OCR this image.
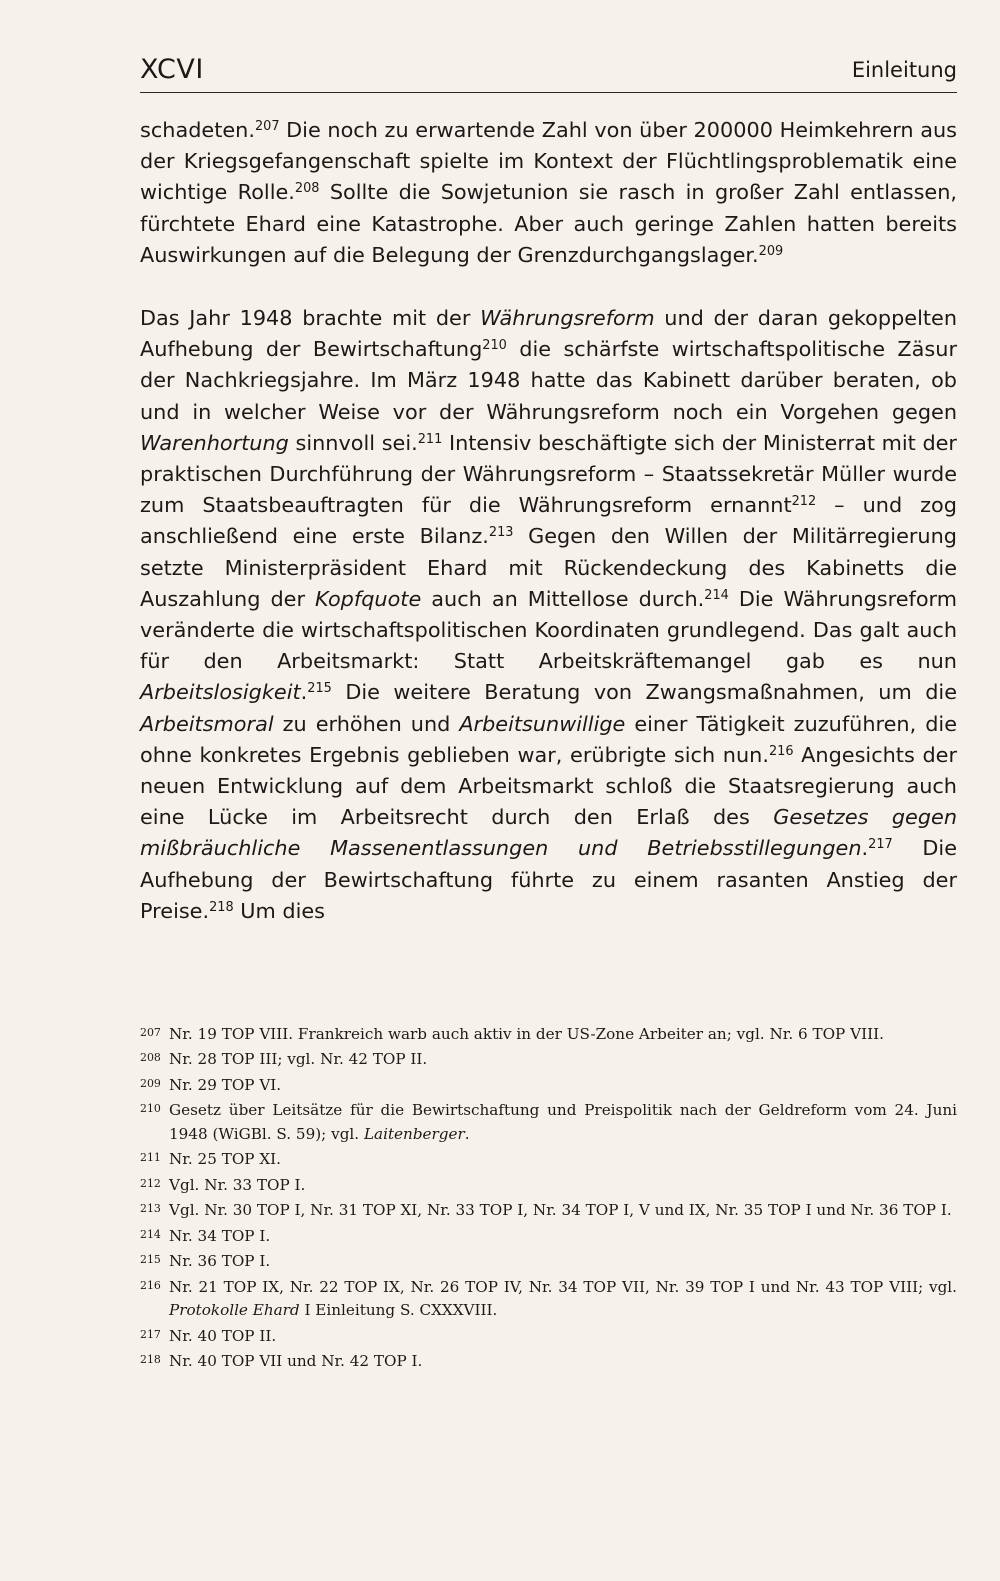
XCVI	Einleitung

schadeten.$^{207}$ Die noch zu erwartende Zahl von über 200000 Heimkehrern aus der Kriegsgefangenschaft spielte im Kontext der Flüchtlingsproblematik eine wichtige Rolle.$^{208}$ Sollte die Sowjetunion sie rasch in großer Zahl entlassen, fürchtete Ehard eine Katastrophe. Aber auch geringe Zahlen hatten bereits Auswirkungen auf die Belegung der Grenzdurchgangslager.$^{209}$

Das Jahr 1948 brachte mit der Währungsreform und der daran gekoppelten Aufhebung der Bewirtschaftung$^{210}$ die schärfste wirtschaftspolitische Zäsur der Nachkriegsjahre. Im März 1948 hatte das Kabinett darüber beraten, ob und in welcher Weise vor der Währungsreform noch ein Vorgehen gegen Warenhortung sinnvoll sei.$^{211}$ Intensiv beschäftigte sich der Ministerrat mit der praktischen Durchführung der Währungsreform – Staatssekretär Müller wurde zum Staatsbeauftragten für die Währungsreform ernannt$^{212}$ – und zog anschließend eine erste Bilanz.$^{213}$ Gegen den Willen der Militärregierung setzte Ministerpräsident Ehard mit Rückendeckung des Kabinetts die Auszahlung der Kopfquote auch an Mittellose durch.$^{214}$ Die Währungsreform veränderte die wirtschaftspolitischen Koordinaten grundlegend. Das galt auch für den Arbeitsmarkt: Statt Arbeitskräftemangel gab es nun Arbeitslosigkeit.$^{215}$ Die weitere Beratung von Zwangsmaßnahmen, um die Arbeitsmoral zu erhöhen und Arbeitsunwillige einer Tätigkeit zuzuführen, die ohne konkretes Ergebnis geblieben war, erübrigte sich nun.$^{216}$ Angesichts der neuen Entwicklung auf dem Arbeitsmarkt schloß die Staatsregierung auch eine Lücke im Arbeitsrecht durch den Erlaß des Gesetzes gegen mißbräuchliche Massenentlassungen und Betriebsstillegungen.$^{217}$ Die Aufhebung der Bewirtschaftung führte zu einem rasanten Anstieg der Preise.$^{218}$ Um dies

207 Nr. 19 TOP VIII. Frankreich warb auch aktiv in der US-Zone Arbeiter an; vgl. Nr. 6 TOP VIII.
208 Nr. 28 TOP III; vgl. Nr. 42 TOP II.
209 Nr. 29 TOP VI.
210 Gesetz über Leitsätze für die Bewirtschaftung und Preispolitik nach der Geldreform vom 24. Juni 1948 (WiGBl. S. 59); vgl. Laitenberger.
211 Nr. 25 TOP XI.
212 Vgl. Nr. 33 TOP I.
213 Vgl. Nr. 30 TOP I, Nr. 31 TOP XI, Nr. 33 TOP I, Nr. 34 TOP I, V und IX, Nr. 35 TOP I und Nr. 36 TOP I.
214 Nr. 34 TOP I.
215 Nr. 36 TOP I.
216 Nr. 21 TOP IX, Nr. 22 TOP IX, Nr. 26 TOP IV, Nr. 34 TOP VII, Nr. 39 TOP I und Nr. 43 TOP VIII; vgl. Protokolle Ehard I Einleitung S. CXXXVIII.
217 Nr. 40 TOP II.
218 Nr. 40 TOP VII und Nr. 42 TOP I.
